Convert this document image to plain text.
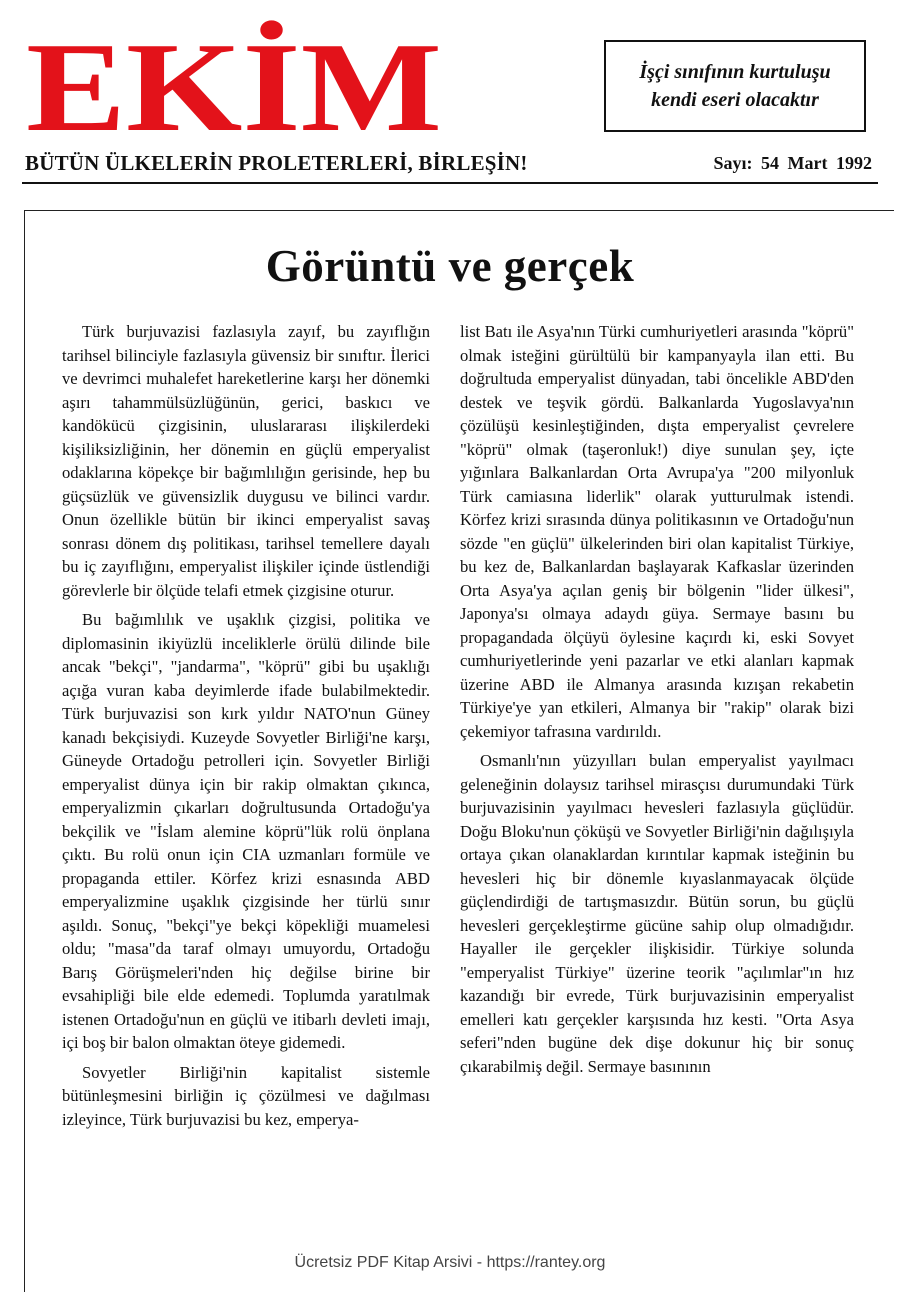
EKİM	İşçi sınıfının kurtuluşu
kendi eseri olacaktır
BÜTÜN ÜLKELERİN PROLETERLERİ, BİRLEŞİN!	Sayı: 54 Mart 1992
Görüntü ve gerçek

Türk burjuvazisi fazlasıyla zayıf, bu zayıflığın tarihsel bilinciyle fazlasıyla güvensiz bir sınıftır. İlerici ve devrimci muhalefet hareketlerine karşı her dönemki aşırı tahammülsüzlüğünün, gerici, baskıcı ve kandökücü çizgisinin, uluslararası ilişkilerdeki kişiliksizliğinin, her dönemin en güçlü emperyalist odaklarına köpekçe bir bağımlılığın gerisinde, hep bu güçsüzlük ve güvensizlik duygusu ve bilinci vardır. Onun özellikle bütün bir ikinci emperyalist savaş sonrası dönem dış politikası, tarihsel temellere dayalı bu iç zayıflığını, emperyalist ilişkiler içinde üstlendiği görevlerle bir ölçüde telafi etmek çizgisine oturur.

Bu bağımlılık ve uşaklık çizgisi, politika ve diplomasinin ikiyüzlü inceliklerle örülü dilinde bile ancak "bekçi", "jandarma", "köprü" gibi bu uşaklığı açığa vuran kaba deyimlerde ifade bulabilmektedir. Türk burjuvazisi son kırk yıldır NATO'nun Güney kanadı bekçisiydi. Kuzeyde Sovyetler Birliği'ne karşı, Güneyde Ortadoğu petrolleri için. Sovyetler Birliği emperyalist dünya için bir rakip olmaktan çıkınca, emperyalizmin çıkarları doğrultusunda Ortadoğu'ya bekçilik ve "İslam alemine köprü"lük rolü önplana çıktı. Bu rolü onun için CIA uzmanları formüle ve propaganda ettiler. Körfez krizi esnasında ABD emperyalizmine uşaklık çizgisinde her türlü sınır aşıldı. Sonuç, "bekçi"ye bekçi köpekliği muamelesi oldu; "masa"da taraf olmayı umuyordu, Ortadoğu Barış Görüşmeleri'nden hiç değilse birine bir evsahipliği bile elde edemedi. Toplumda yaratılmak istenen Ortadoğu'nun en güçlü ve itibarlı devleti imajı, içi boş bir balon olmaktan öteye gidemedi.

Sovyetler Birliği'nin kapitalist sistemle bütünleşmesini birliğin iç çözülmesi ve dağılması izleyince, Türk burjuvazisi bu kez, emperya-

list Batı ile Asya'nın Türki cumhuriyetleri arasında "köprü" olmak isteğini gürültülü bir kampanyayla ilan etti. Bu doğrultuda emperyalist dünyadan, tabi öncelikle ABD'den destek ve teşvik gördü. Balkanlarda Yugoslavya'nın çözülüşü kesinleştiğinden, dışta emperyalist çevrelere "köprü" olmak (taşeronluk!) diye sunulan şey, içte yığınlara Balkanlardan Orta Avrupa'ya "200 milyonluk Türk camiasına liderlik" olarak yutturulmak istendi. Körfez krizi sırasında dünya politikasının ve Ortadoğu'nun sözde "en güçlü" ülkelerinden biri olan kapitalist Türkiye, bu kez de, Balkanlardan başlayarak Kafkaslar üzerinden Orta Asya'ya açılan geniş bir bölgenin "lider ülkesi", Japonya'sı olmaya adaydı güya. Sermaye basını bu propagandada ölçüyü öylesine kaçırdı ki, eski Sovyet cumhuriyetlerinde yeni pazarlar ve etki alanları kapmak üzerine ABD ile Almanya arasında kızışan rekabetin Türkiye'ye yan etkileri, Almanya bir "rakip" olarak bizi çekemiyor tafrasına vardırıldı.

Osmanlı'nın yüzyılları bulan emperyalist yayılmacı geleneğinin dolaysız tarihsel mirasçısı durumundaki Türk burjuvazisinin yayılmacı hevesleri fazlasıyla güçlüdür. Doğu Bloku'nun çöküşü ve Sovyetler Birliği'nin dağılışıyla ortaya çıkan olanaklardan kırıntılar kapmak isteğinin bu hevesleri hiç bir dönemle kıyaslanmayacak ölçüde güçlendirdiği de tartışmasızdır. Bütün sorun, bu güçlü hevesleri gerçekleştirme gücüne sahip olup olmadığıdır. Hayaller ile gerçekler ilişkisidir. Türkiye solunda "emperyalist Türkiye" üzerine teorik "açılımlar"ın hız kazandığı bir evrede, Türk burjuvazisinin emperyalist emelleri katı gerçekler karşısında hız kesti. "Orta Asya seferi"nden bugüne dek dişe dokunur hiç bir sonuç çıkarabilmiş değil. Sermaye basınının

Ücretsiz PDF Kitap Arsivi - https://rantey.org
